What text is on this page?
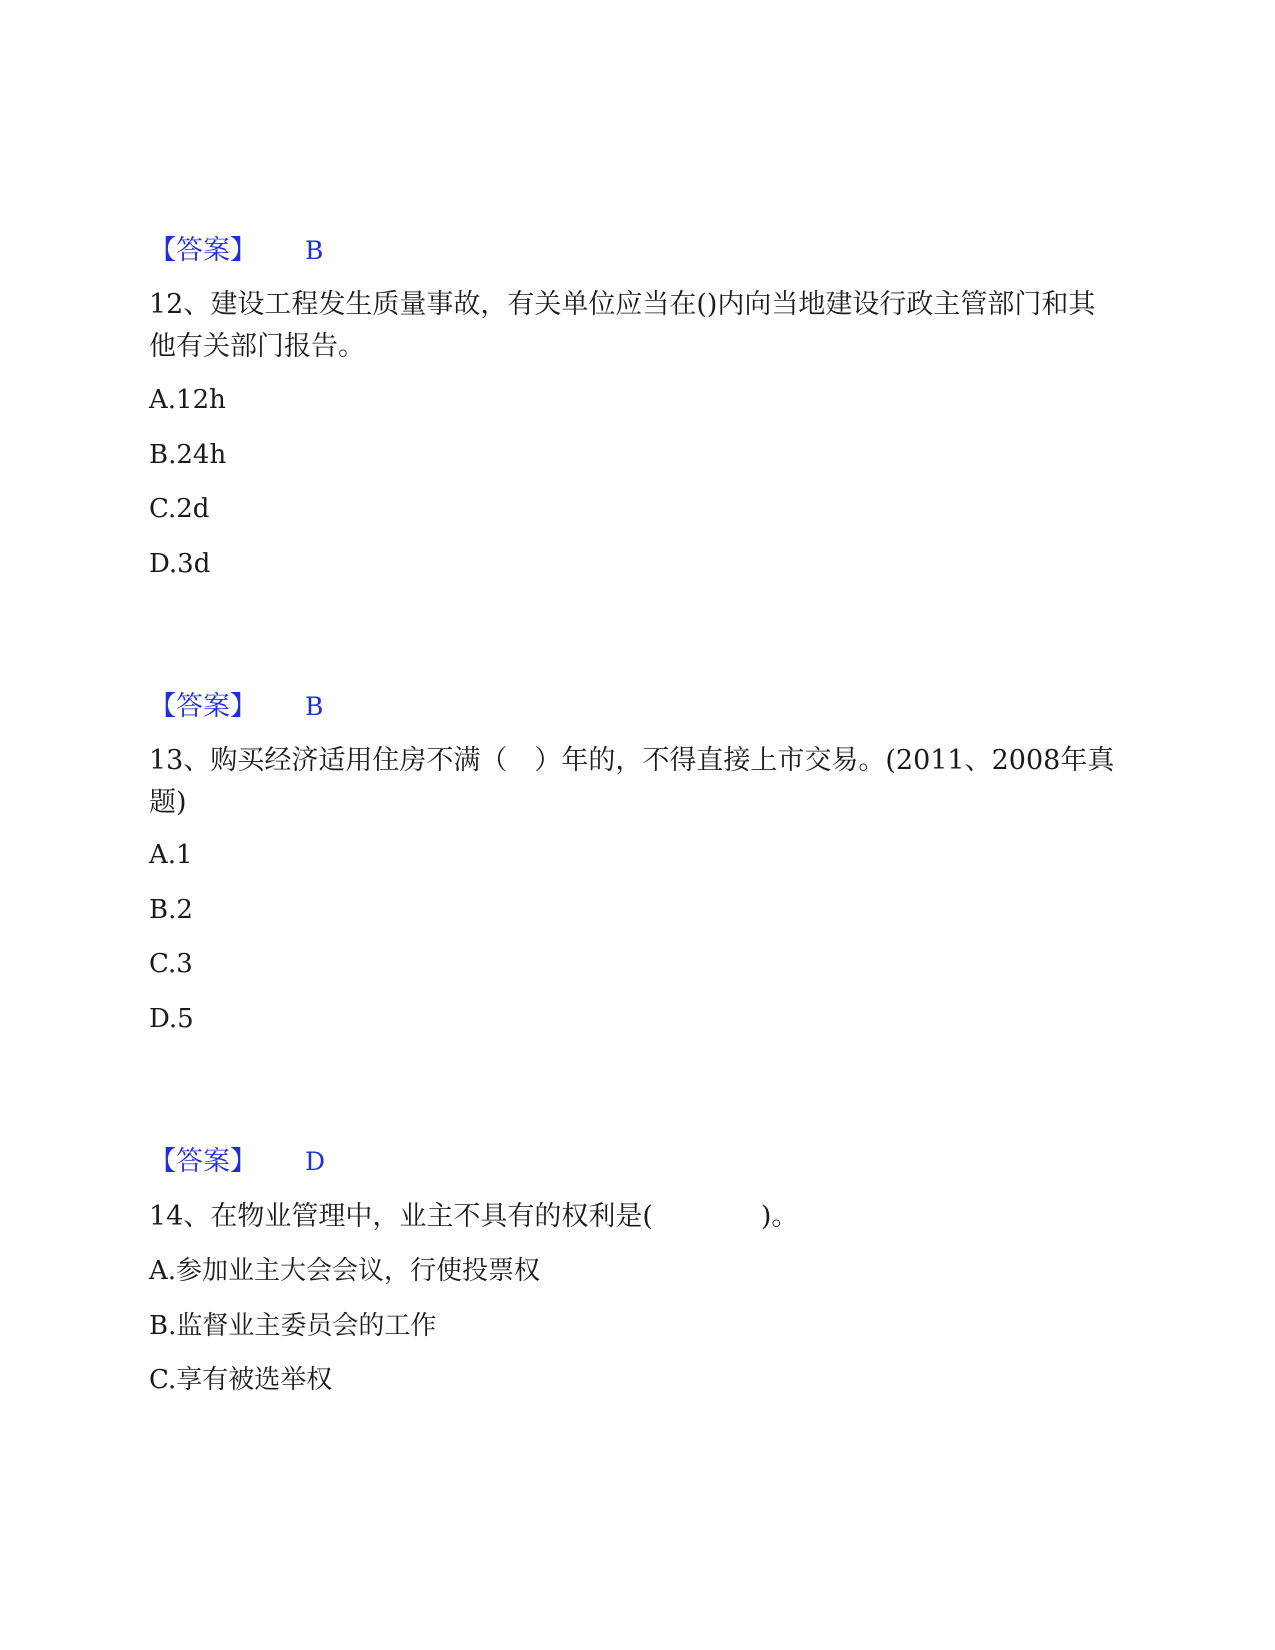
【答案】 B
12、建设工程发生质量事故，有关单位应当在()内向当地建设行政主管部门和其他有关部门报告。
A.12h
B.24h
C.2d
D.3d
【答案】 B
13、购买经济适用住房不满（　）年的，不得直接上市交易。(2011、2008年真题)
A.1
B.2
C.3
D.5
【答案】 D
14、在物业管理中，业主不具有的权利是(　　　　)。
A.参加业主大会会议，行使投票权
B.监督业主委员会的工作
C.享有被选举权
